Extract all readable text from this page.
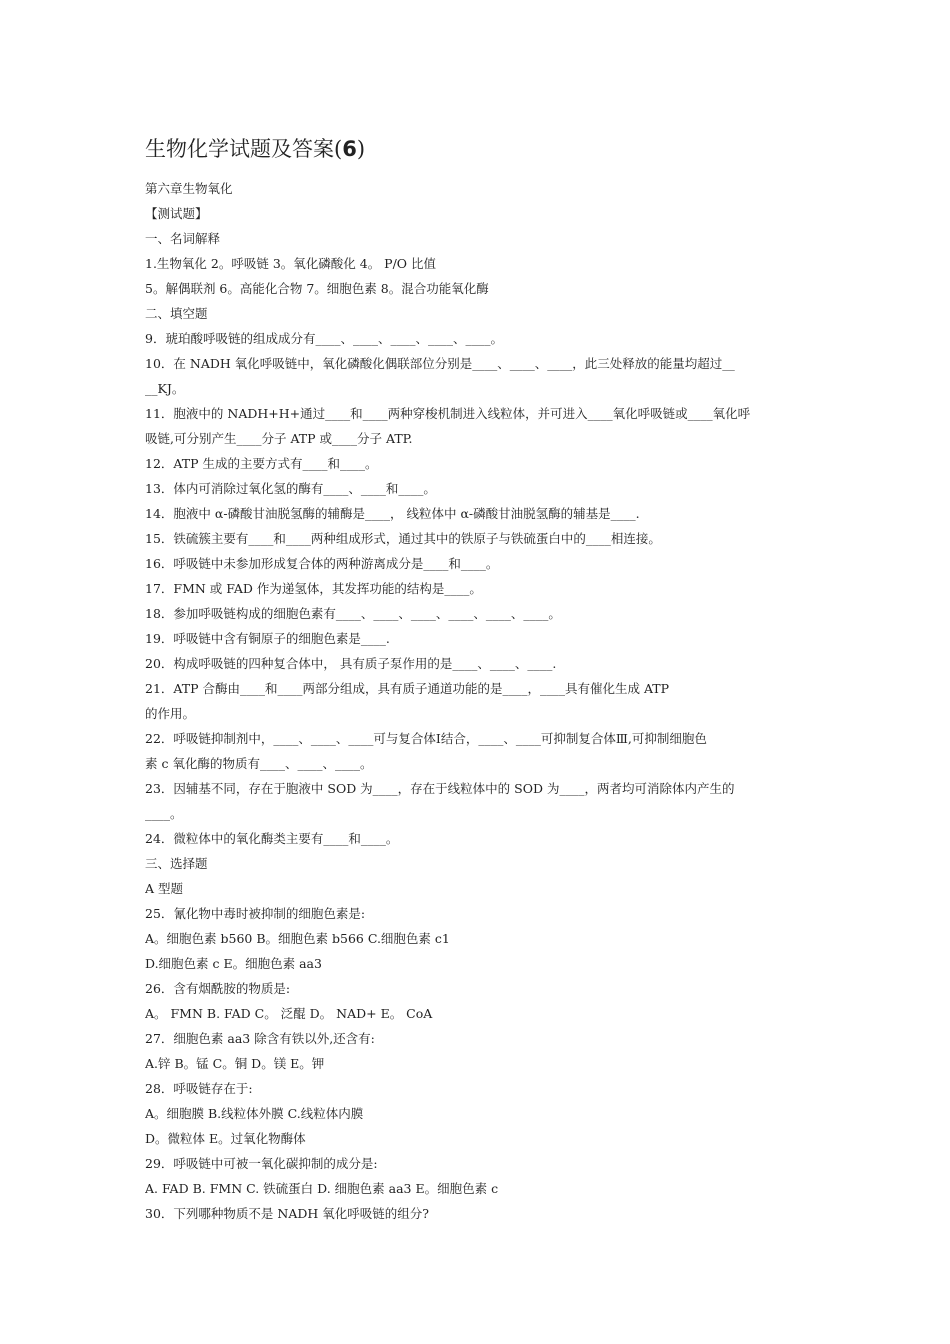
生物化学试题及答案(6)
第六章生物氧化
【测试题】
一、名词解释
1.生物氧化 2。呼吸链 3。氧化磷酸化 4。 P/O 比值
5。解偶联剂 6。高能化合物 7。细胞色素 8。混合功能氧化酶
二、填空题
9．琥珀酸呼吸链的组成成分有____、____、____、____、____。
10．在 NADH 氧化呼吸链中，氧化磷酸化偶联部位分别是____、____、____，此三处释放的能量均超过__
__KJ。
11．胞液中的 NADH+H+通过____和____两种穿梭机制进入线粒体，并可进入____氧化呼吸链或____氧化呼
吸链,可分别产生____分子 ATP 或____分子 ATP.
12．ATP 生成的主要方式有____和____。
13．体内可消除过氧化氢的酶有____、____和____。
14．胞液中 α-磷酸甘油脱氢酶的辅酶是____， 线粒体中 α-磷酸甘油脱氢酶的辅基是____.
15．铁硫簇主要有____和____两种组成形式，通过其中的铁原子与铁硫蛋白中的____相连接。
16．呼吸链中未参加形成复合体的两种游离成分是____和____。
17．FMN 或 FAD 作为递氢体，其发挥功能的结构是____。
18．参加呼吸链构成的细胞色素有____、____、____、____、____、____。
19．呼吸链中含有铜原子的细胞色素是____.
20．构成呼吸链的四种复合体中， 具有质子泵作用的是____、____、____.
21．ATP 合酶由____和____两部分组成，具有质子通道功能的是____，____具有催化生成 ATP
的作用。
22．呼吸链抑制剂中，____、____、____可与复合体Ⅰ结合，____、____可抑制复合体Ⅲ,可抑制细胞色
素 c 氧化酶的物质有____、____、____。
23．因辅基不同，存在于胞液中 SOD 为____，存在于线粒体中的 SOD 为____，两者均可消除体内产生的
____。
24．微粒体中的氧化酶类主要有____和____。
三、选择题
A 型题
25．氰化物中毒时被抑制的细胞色素是:
A。细胞色素 b560 B。细胞色素 b566 C.细胞色素 c1
D.细胞色素 c E。细胞色素 aa3
26．含有烟酰胺的物质是:
A。 FMN B. FAD C。 泛醌 D。 NAD+ E。 CoA
27．细胞色素 aa3 除含有铁以外,还含有:
A.锌 B。锰 C。铜 D。镁 E。钾
28．呼吸链存在于:
A。细胞膜 B.线粒体外膜 C.线粒体内膜
D。微粒体 E。过氧化物酶体
29．呼吸链中可被一氧化碳抑制的成分是:
A. FAD B. FMN C. 铁硫蛋白 D. 细胞色素 aa3 E。细胞色素 c
30．下列哪种物质不是 NADH 氧化呼吸链的组分?
